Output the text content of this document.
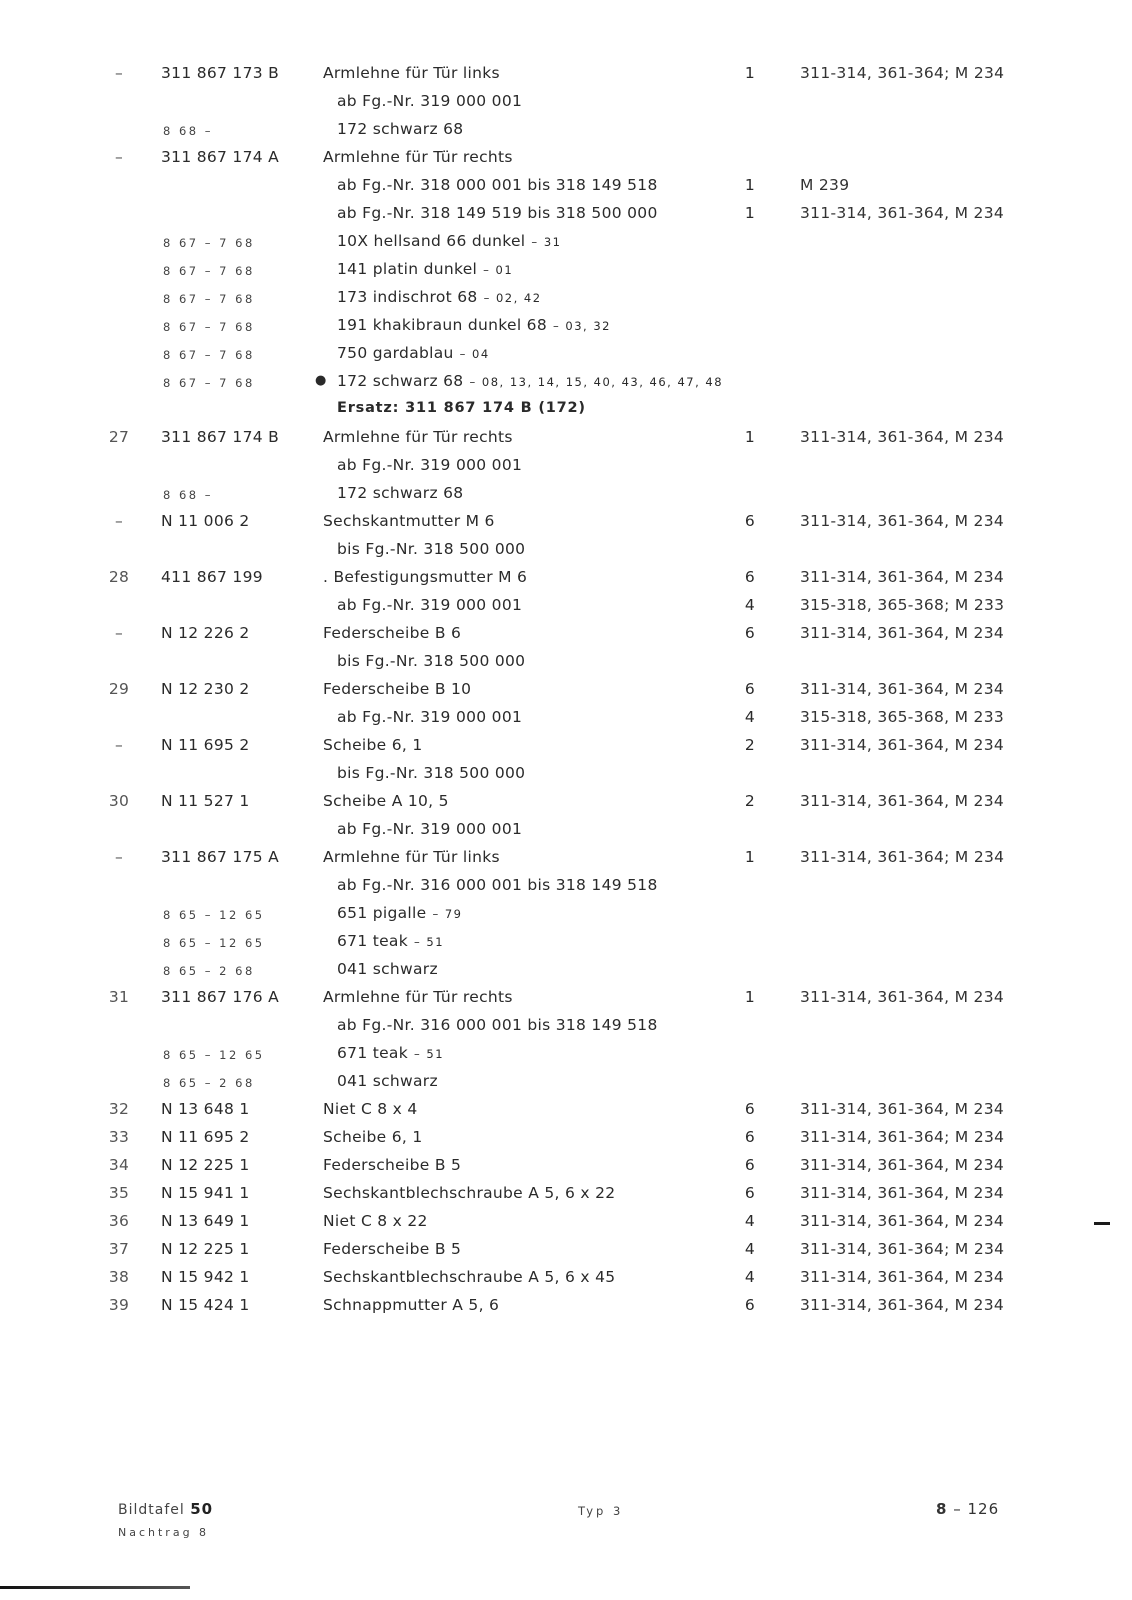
–	311 867 173 B	Armlehne für Tür links	1	311-314, 361-364; M 234
ab Fg.-Nr. 319 000 001
8 68 –	172 schwarz 68
–	311 867 174 A	Armlehne für Tür rechts
ab Fg.-Nr. 318 000 001 bis 318 149 518	1	M 239
ab Fg.-Nr. 318 149 519 bis 318 500 000	1	311-314, 361-364, M 234
8 67 – 7 68	10X hellsand 66 dunkel – 31
8 67 – 7 68	141 platin dunkel – 01
8 67 – 7 68	173 indischrot 68 – 02, 42
8 67 – 7 68	191 khakibraun dunkel 68 – 03, 32
8 67 – 7 68	750 gardablau – 04
8 67 – 7 68	● 172 schwarz 68 – 08, 13, 14, 15, 40, 43, 46, 47, 48
Ersatz: 311 867 174 B (172)
27	311 867 174 B	Armlehne für Tür rechts	1	311-314, 361-364, M 234
ab Fg.-Nr. 319 000 001
8 68 –	172 schwarz 68
–	N 11 006 2	Sechskantmutter M 6	6	311-314, 361-364, M 234
bis Fg.-Nr. 318 500 000
28	411 867 199	. Befestigungsmutter M 6	6	311-314, 361-364, M 234
ab Fg.-Nr. 319 000 001	4	315-318, 365-368; M 233
–	N 12 226 2	Federscheibe B 6	6	311-314, 361-364, M 234
bis Fg.-Nr. 318 500 000
29	N 12 230 2	Federscheibe B 10	6	311-314, 361-364, M 234
ab Fg.-Nr. 319 000 001	4	315-318, 365-368, M 233
–	N 11 695 2	Scheibe 6, 1	2	311-314, 361-364, M 234
bis Fg.-Nr. 318 500 000
30	N 11 527 1	Scheibe A 10, 5	2	311-314, 361-364, M 234
ab Fg.-Nr. 319 000 001
–	311 867 175 A	Armlehne für Tür links	1	311-314, 361-364; M 234
ab Fg.-Nr. 316 000 001 bis 318 149 518
8 65 – 12 65	651 pigalle – 79
8 65 – 12 65	671 teak – 51
8 65 – 2 68	041 schwarz
31	311 867 176 A	Armlehne für Tür rechts	1	311-314, 361-364, M 234
ab Fg.-Nr. 316 000 001 bis 318 149 518
8 65 – 12 65	671 teak – 51
8 65 – 2 68	041 schwarz
32	N 13 648 1	Niet C 8 x 4	6	311-314, 361-364, M 234
33	N 11 695 2	Scheibe 6, 1	6	311-314, 361-364; M 234
34	N 12 225 1	Federscheibe B 5	6	311-314, 361-364, M 234
35	N 15 941 1	Sechskantblechschraube A 5, 6 x 22	6	311-314, 361-364, M 234
36	N 13 649 1	Niet C 8 x 22	4	311-314, 361-364, M 234
37	N 12 225 1	Federscheibe B 5	4	311-314, 361-364; M 234
38	N 15 942 1	Sechskantblechschraube A 5, 6 x 45	4	311-314, 361-364, M 234
39	N 15 424 1	Schnappmutter A 5, 6	6	311-314, 361-364, M 234
Bildtafel 50
Nachtrag 8
Typ 3	8 – 126
